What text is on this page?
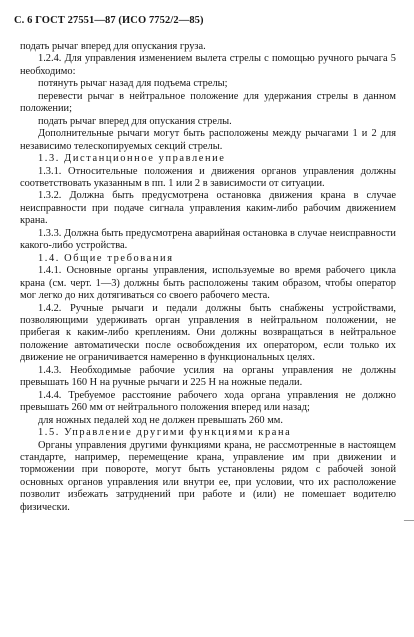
С. 6 ГОСТ 27551—87 (ИСО 7752/2—85)

подать рычаг вперед для опускания груза.

1.2.4. Для управления изменением вылета стрелы с помощью ручного рычага 5 необходимо:

потянуть рычаг назад для подъема стрелы;

перевести рычаг в нейтральное положение для удержания стрелы в данном положении;

подать рычаг вперед для опускания стрелы.

Дополнительные рычаги могут быть расположены между рычагами 1 и 2 для независимо телескопируемых секций стрелы.

1.3. Дистанционное управление

1.3.1. Относительные положения и движения органов управления должны соответствовать указанным в пп. 1 или 2 в зависимости от ситуации.

1.3.2. Должна быть предусмотрена остановка движения крана в случае неисправности при подаче сигнала управления каким-либо рабочим движением крана.

1.3.3. Должна быть предусмотрена аварийная остановка в случае неисправности какого-либо устройства.

1.4. Общие требования

1.4.1. Основные органы управления, используемые во время рабочего цикла крана (см. черт. 1—3) должны быть расположены таким образом, чтобы оператор мог легко до них дотягиваться со своего рабочего места.

1.4.2. Ручные рычаги и педали должны быть снабжены устройствами, позволяющими удерживать орган управления в нейтральном положении, не прибегая к каким-либо креплениям. Они должны возвращаться в нейтральное положение автоматически после освобождения их оператором, если только их движение не ограничивается намеренно в функциональных целях.

1.4.3. Необходимые рабочие усилия на органы управления не должны превышать 160 Н на ручные рычаги и 225 Н на ножные педали.

1.4.4. Требуемое расстояние рабочего хода органа управления не должно превышать 260 мм от нейтрального положения вперед или назад;

для ножных педалей ход не должен превышать 260 мм.

1.5. Управление другими функциями крана

Органы управления другими функциями крана, не рассмотренные в настоящем стандарте, например, перемещение крана, управление им при движении и торможении при повороте, могут быть установлены рядом с рабочей зоной основных органов управления или внутри ее, при условии, что их расположение позволит избежать затруднений при работе и (или) не помешает водителю физически.

—
